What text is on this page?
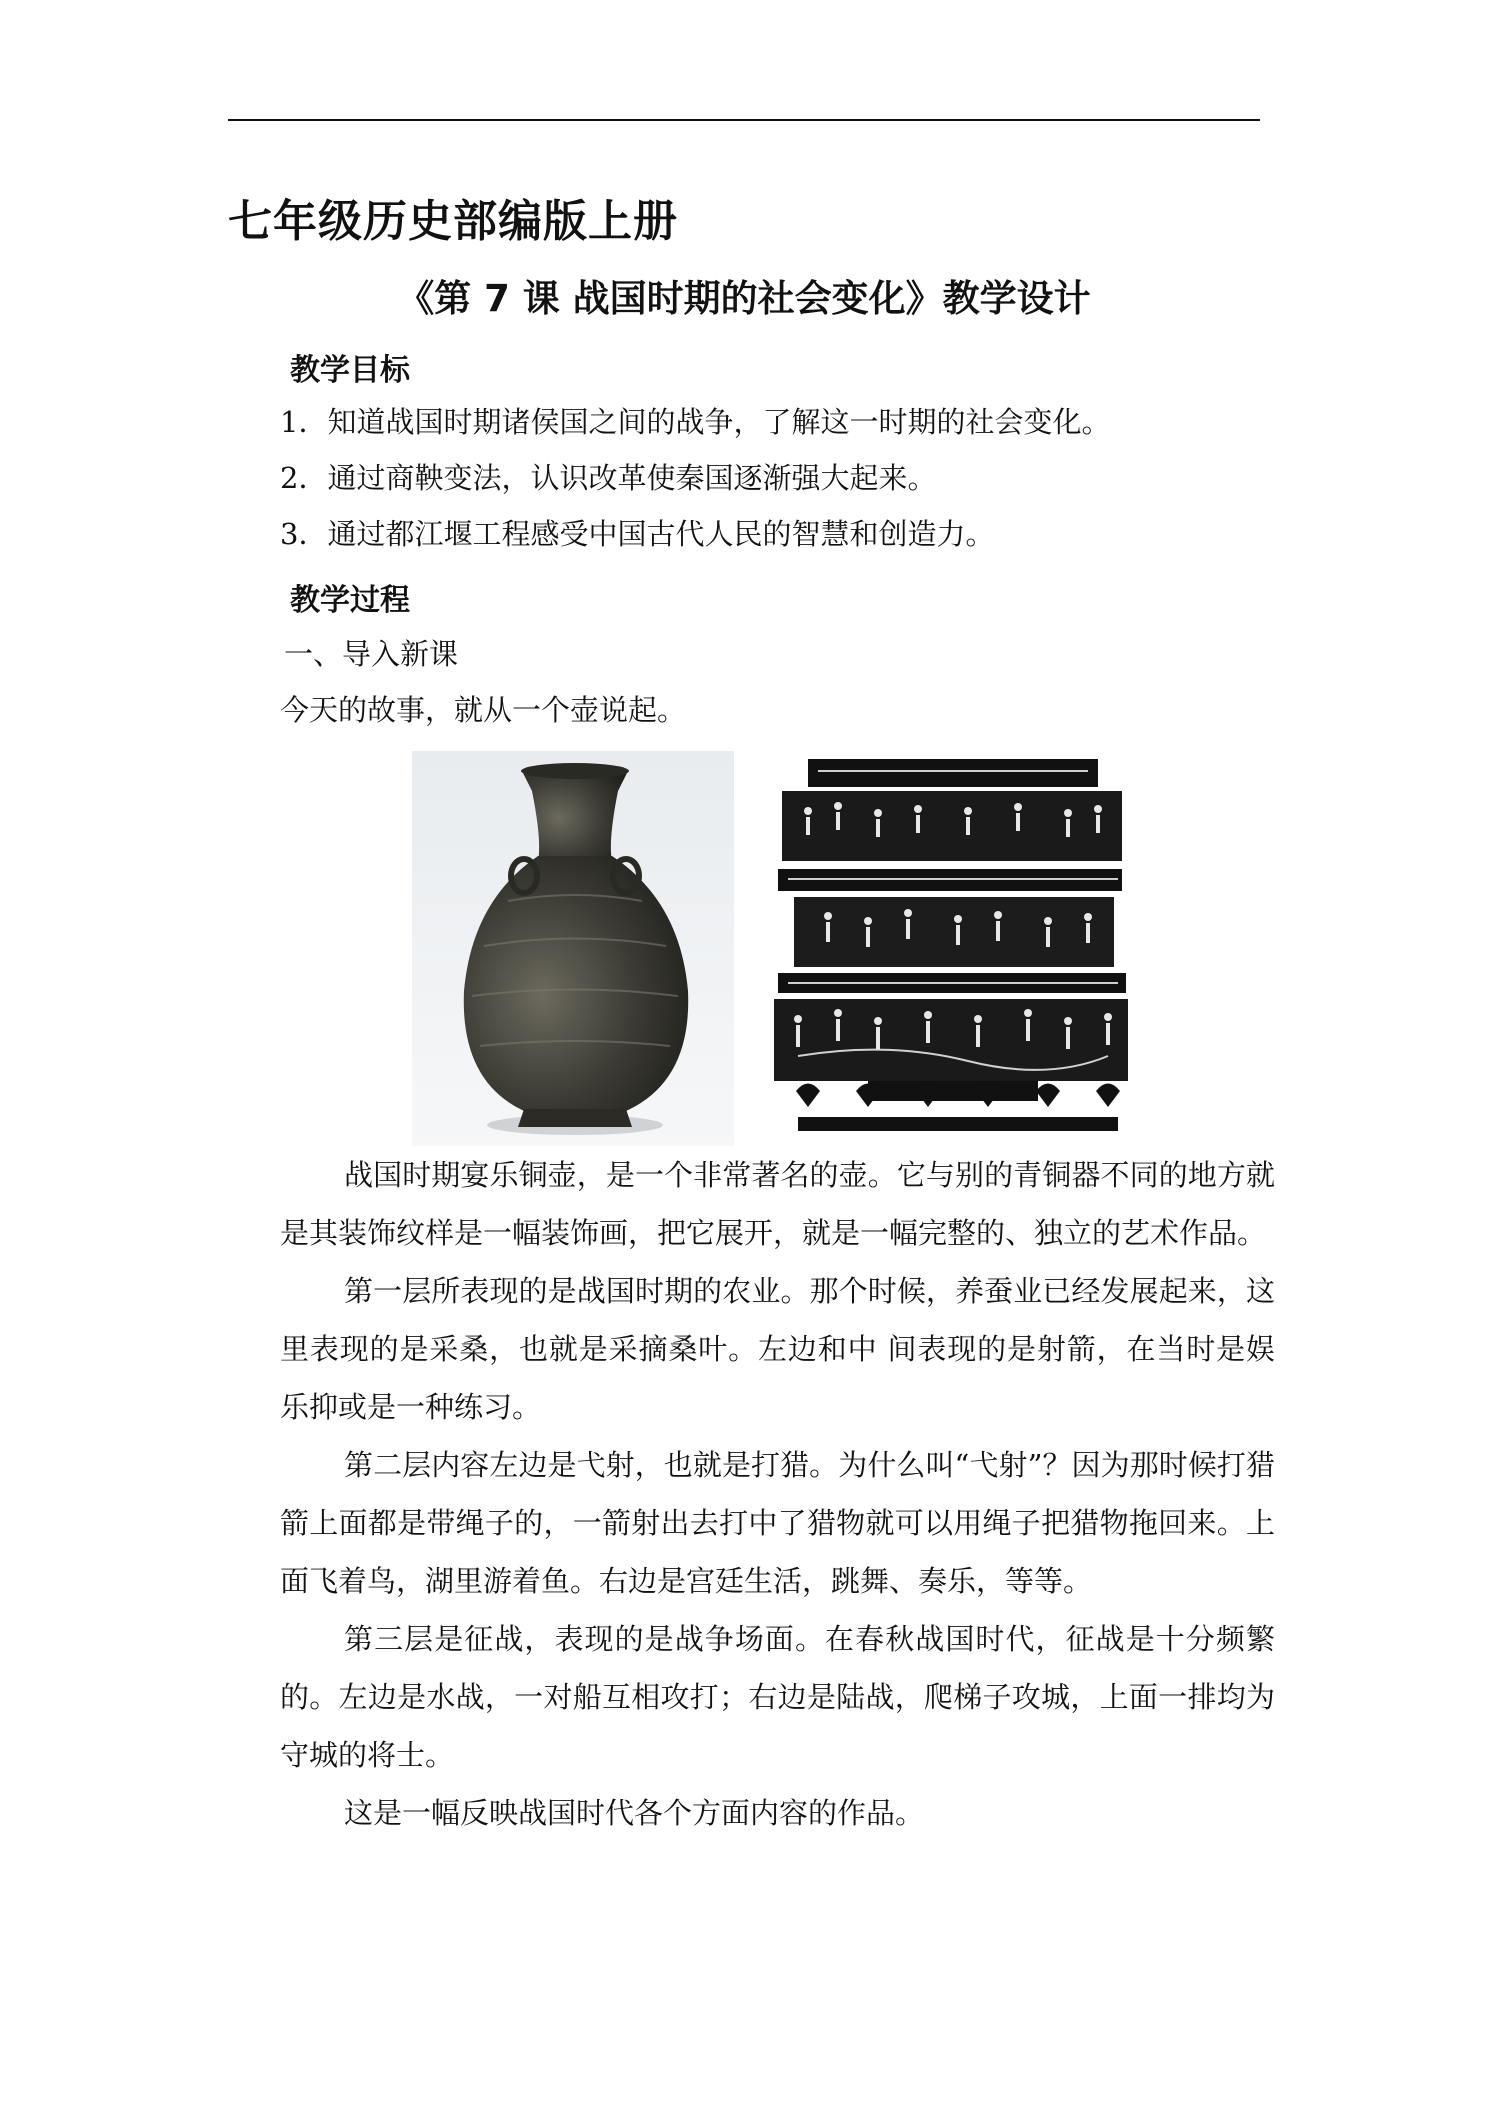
七年级历史部编版上册
《第 7 课 战国时期的社会变化》教学设计
教学目标
1．知道战国时期诸侯国之间的战争，了解这一时期的社会变化。
2．通过商鞅变法，认识改革使秦国逐渐强大起来。
3．通过都江堰工程感受中国古代人民的智慧和创造力。
教学过程
一、导入新课
今天的故事，就从一个壶说起。

战国时期宴乐铜壶，是一个非常著名的壶。它与别的青铜器不同的地方就是其装饰纹样是一幅装饰画，把它展开，就是一幅完整的、独立的艺术作品。

第一层所表现的是战国时期的农业。那个时候，养蚕业已经发展起来，这里表现的是采桑，也就是采摘桑叶。左边和中 间表现的是射箭，在当时是娱乐抑或是一种练习。

第二层内容左边是弋射，也就是打猎。为什么叫“弋射”？因为那时候打猎箭上面都是带绳子的，一箭射出去打中了猎物就可以用绳子把猎物拖回来。上面飞着鸟，湖里游着鱼。右边是宫廷生活，跳舞、奏乐，等等。

第三层是征战，表现的是战争场面。在春秋战国时代，征战是十分频繁的。左边是水战，一对船互相攻打；右边是陆战，爬梯子攻城，上面一排均为守城的将士。

这是一幅反映战国时代各个方面内容的作品。
